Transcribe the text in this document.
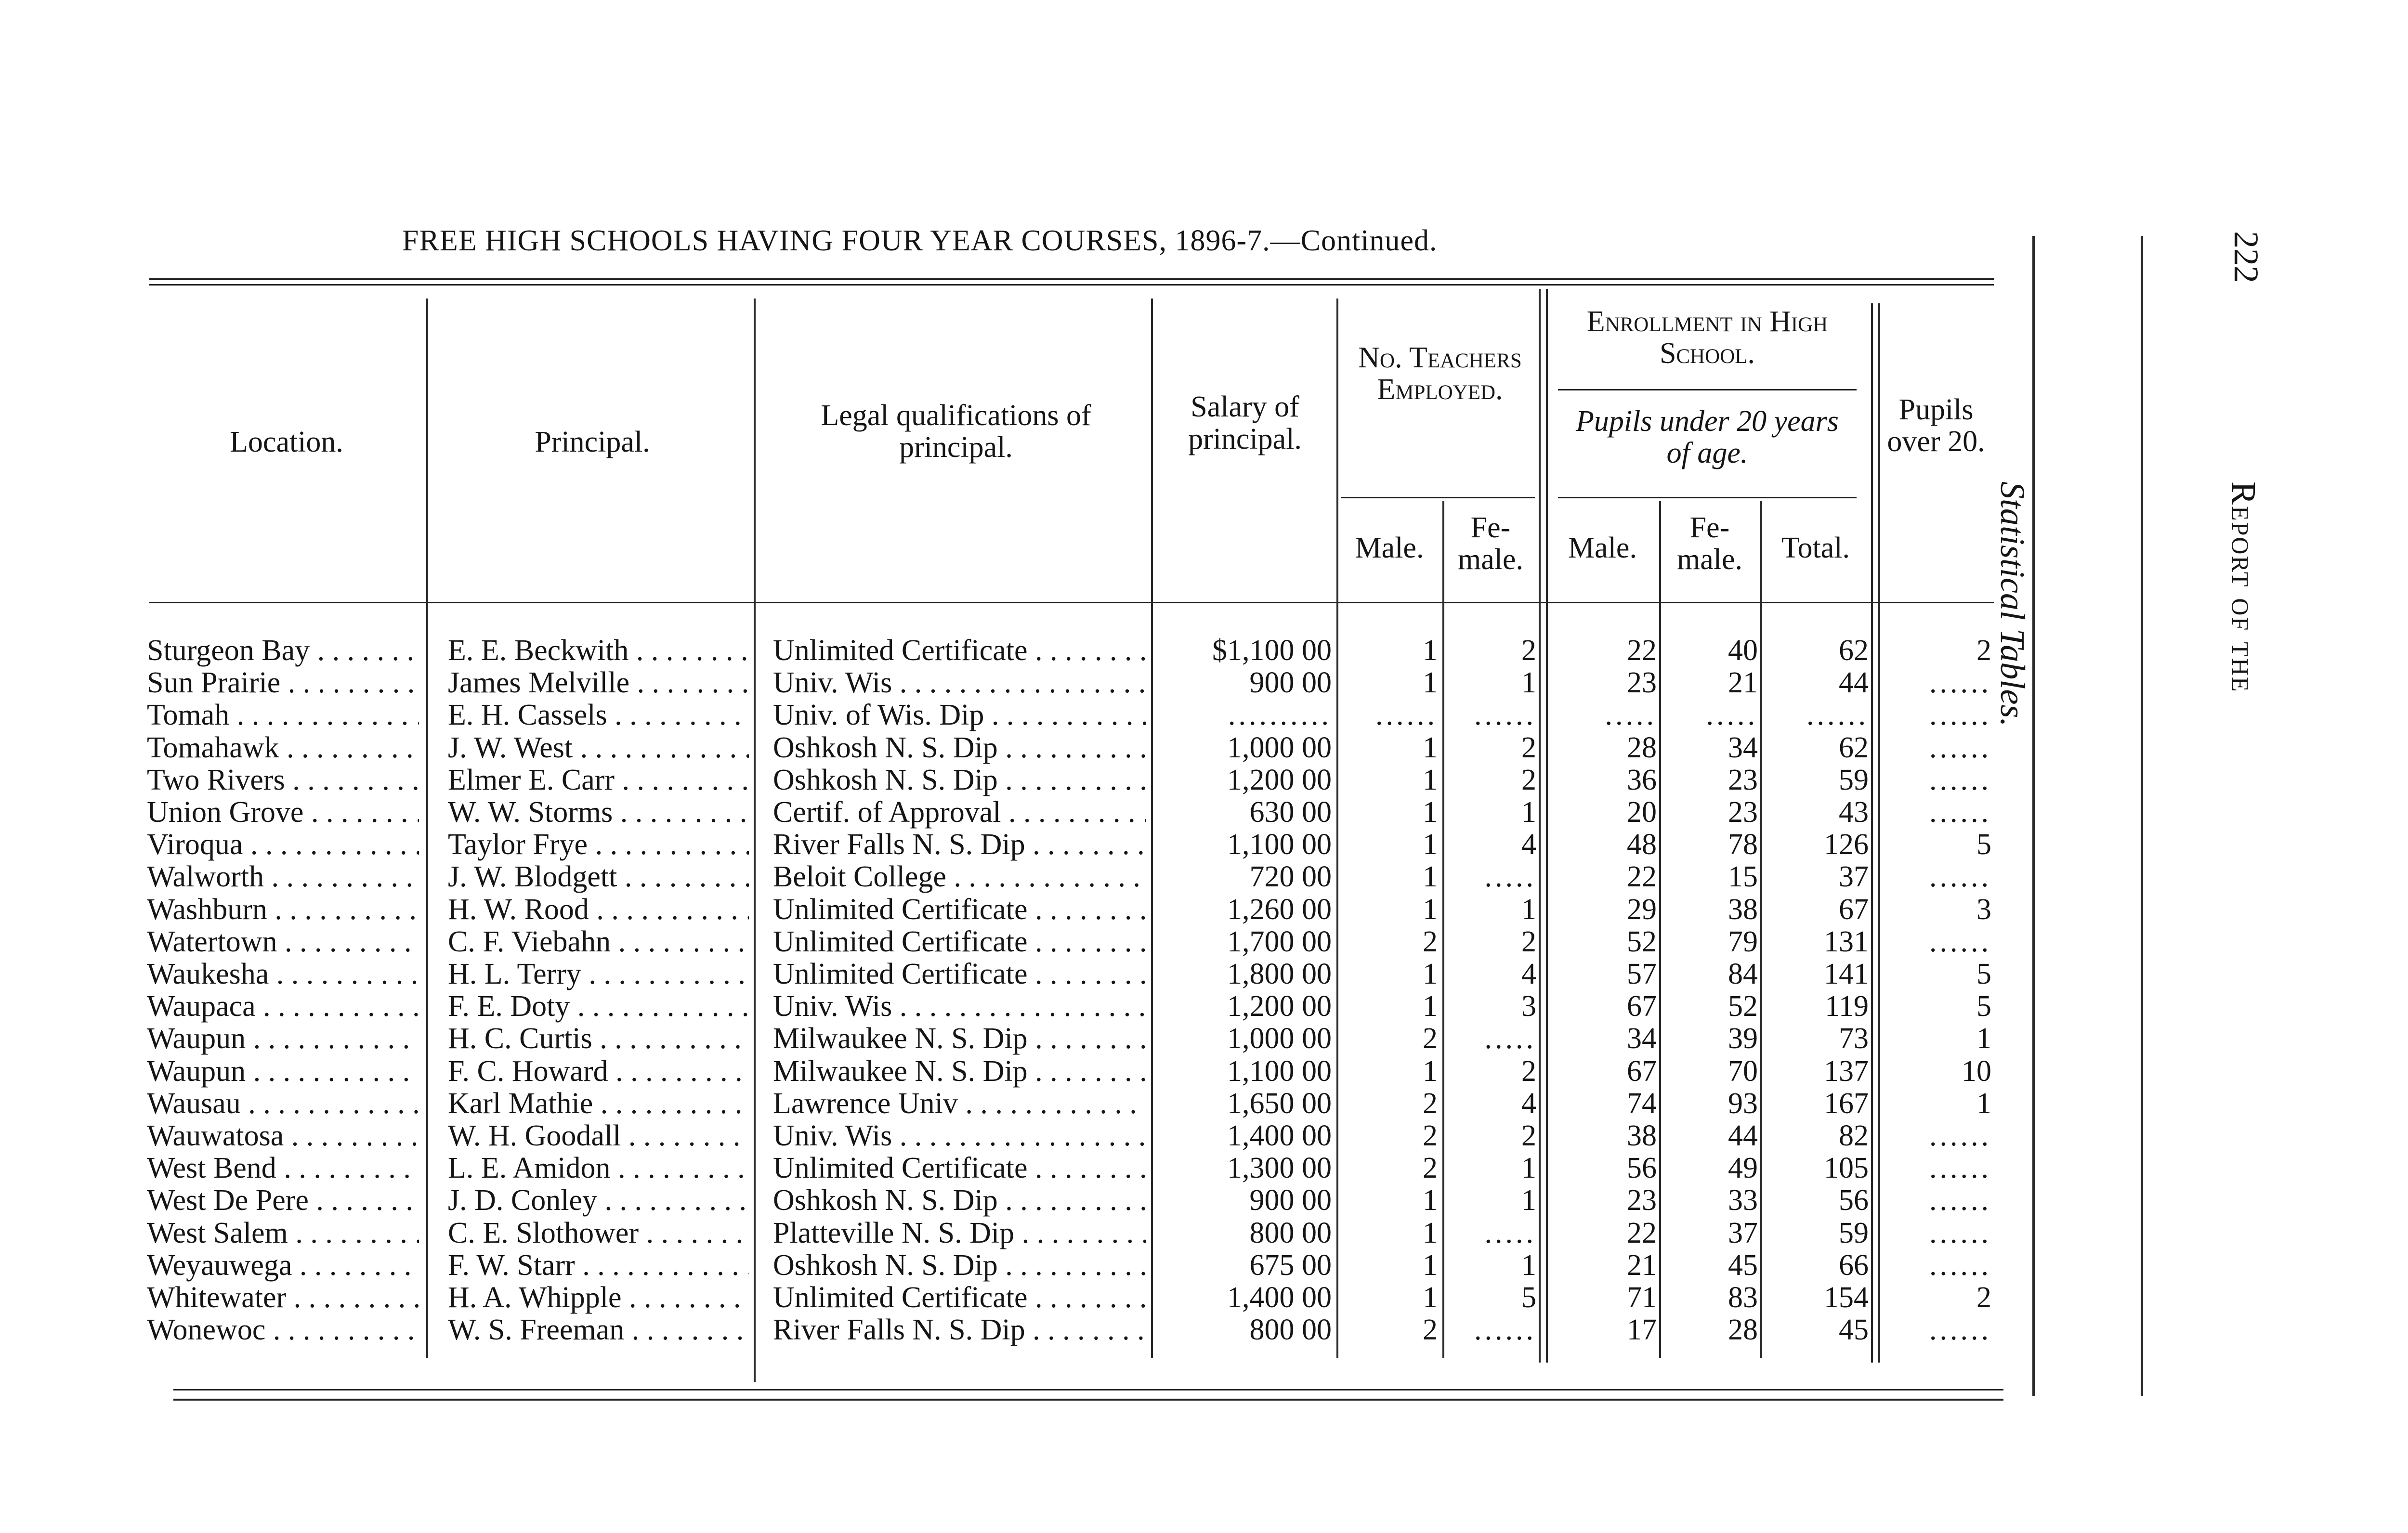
FREE HIGH SCHOOLS HAVING FOUR YEAR COURSES, 1896-7.—Continued.
Location.	Principal.
Legal qualifications of principal.
Salary of principal.
No. Teachers Employed.
Male.
Fe-male.
Enrollment in High School.
Pupils under 20 years of age.
Male.
Fe-male.	Total.
Pupils over 20.
Statistical Tables.	Report of the
222
Sturgeon Bay . . .	E. E. Beckwith . . .	Unlimited Certificate . . .	$1,100 00	1	2	22	40	62	2
Sun Prairie . . .	James Melville . . .	Univ. Wis . . .	900 00	1	1	23	21	44	......
Tomah . . .	E. H. Cassels . . .	Univ. of Wis. Dip . . .	..........	......	......	.....	.....	......	......
Tomahawk . . .	J. W. West . . .	Oshkosh N. S. Dip . . .	1,000 00	1	2	28	34	62	......
Two Rivers . . .	Elmer E. Carr . . .	Oshkosh N. S. Dip . . .	1,200 00	1	2	36	23	59	......
Union Grove . . .	W. W. Storms . . .	Certif. of Approval . . .	630 00	1	1	20	23	43	......
Viroqua . . .	Taylor Frye . . .	River Falls N. S. Dip . . .	1,100 00	1	4	48	78	126	5
Walworth . . .	J. W. Blodgett . . .	Beloit College . . .	720 00	1	.....	22	15	37	......
Washburn . . .	H. W. Rood . . .	Unlimited Certificate . . .	1,260 00	1	1	29	38	67	3
Watertown . . .	C. F. Viebahn . . .	Unlimited Certificate . . .	1,700 00	2	2	52	79	131	......
Waukesha . . .	H. L. Terry . . .	Unlimited Certificate . . .	1,800 00	1	4	57	84	141	5
Waupaca . . .	F. E. Doty . . .	Univ. Wis . . .	1,200 00	1	3	67	52	119	5
Waupun . . .	H. C. Curtis . . .	Milwaukee N. S. Dip . . .	1,000 00	2	.....	34	39	73	1
Waupun . . .	F. C. Howard . . .	Milwaukee N. S. Dip . . .	1,100 00	1	2	67	70	137	10
Wausau . . .	Karl Mathie . . .	Lawrence Univ . . .	1,650 00	2	4	74	93	167	1
Wauwatosa . . .	W. H. Goodall . . .	Univ. Wis . . .	1,400 00	2	2	38	44	82	......
West Bend . . .	L. E. Amidon . . .	Unlimited Certificate . . .	1,300 00	2	1	56	49	105	......
West De Pere . . .	J. D. Conley . . .	Oshkosh N. S. Dip . . .	900 00	1	1	23	33	56	......
West Salem . . .	C. E. Slothower . . .	Platteville N. S. Dip . . .	800 00	1	.....	22	37	59	......
Weyauwega . . .	F. W. Starr . . .	Oshkosh N. S. Dip . . .	675 00	1	1	21	45	66	......
Whitewater . . .	H. A. Whipple . . .	Unlimited Certificate . . .	1,400 00	1	5	71	83	154	2
Wonewoc . . .	W. S. Freeman . . .	River Falls N. S. Dip . . .	800 00	2	......	17	28	45	......
